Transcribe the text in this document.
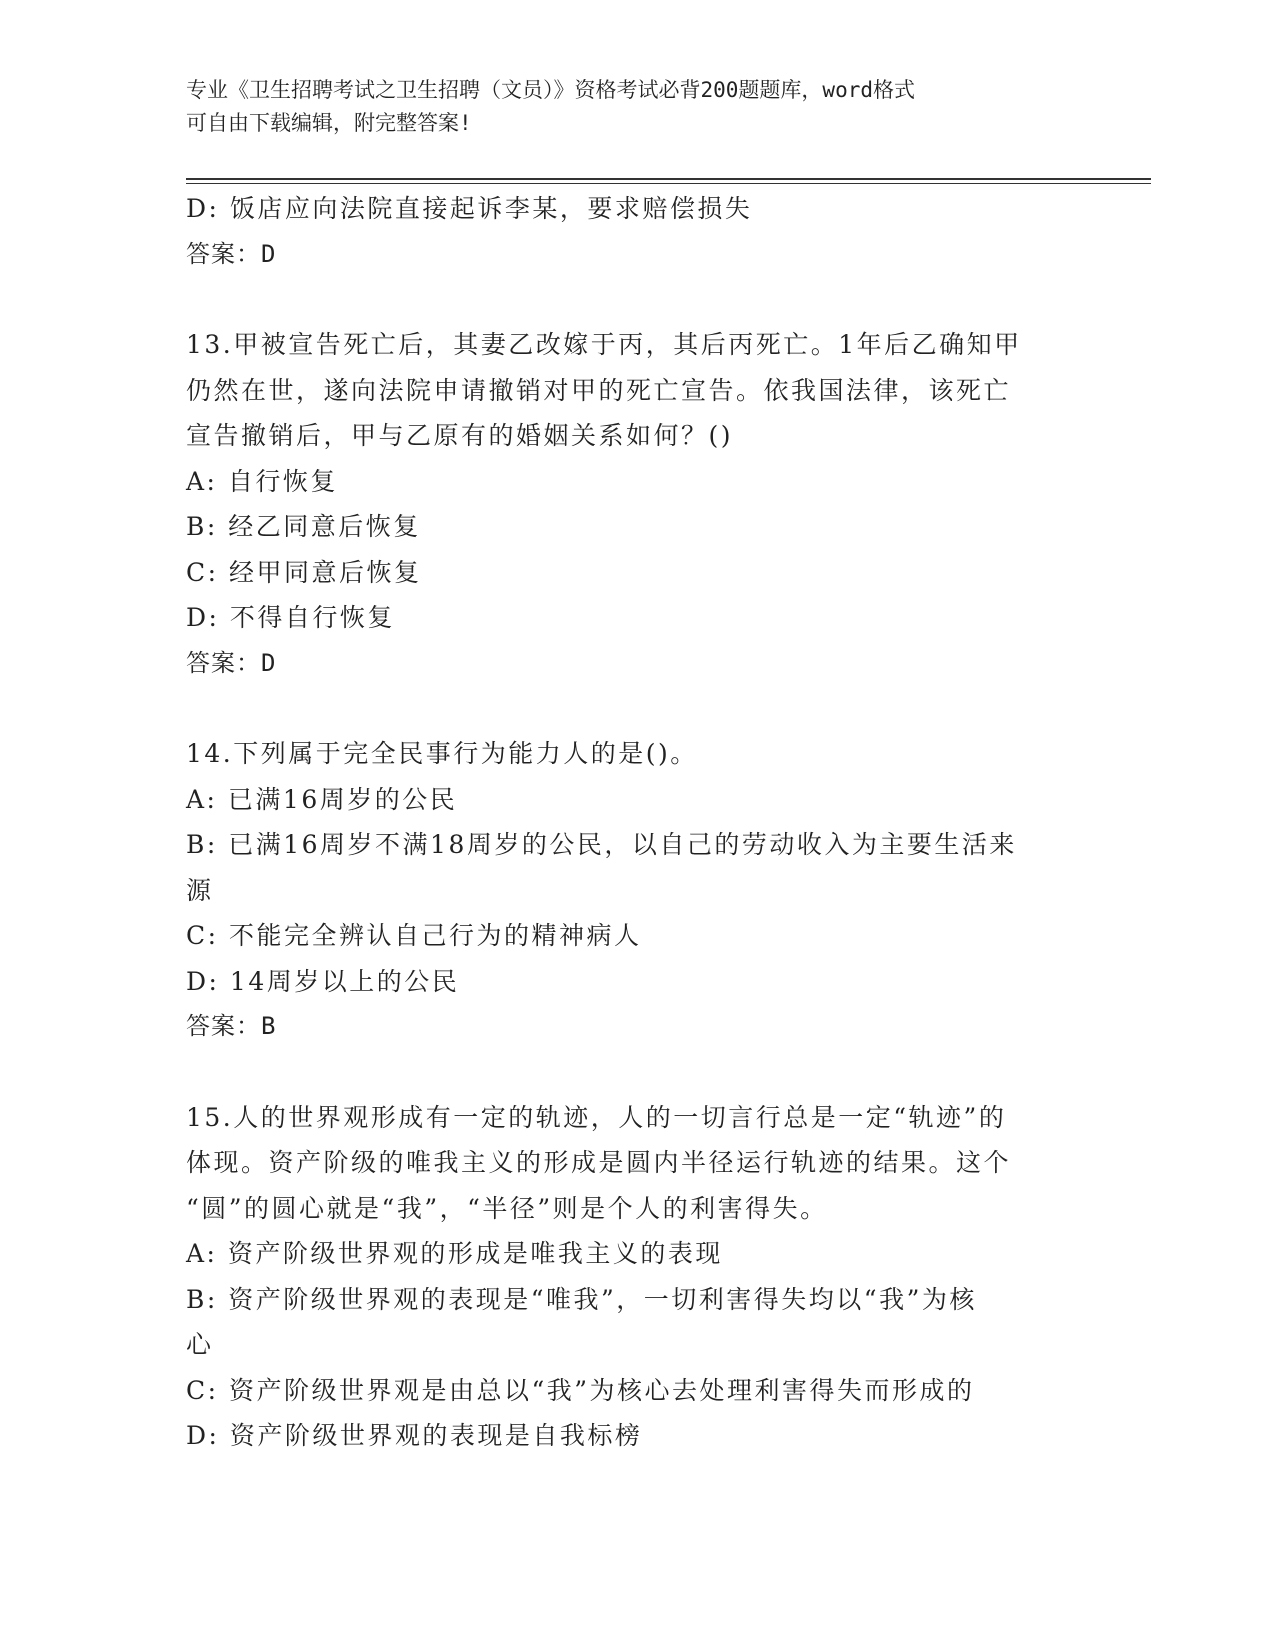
专业《卫生招聘考试之卫生招聘（文员）》资格考试必背200题题库，word格式
可自由下载编辑，附完整答案!
D: 饭店应向法院直接起诉李某，要求赔偿损失
答案：D
13.甲被宣告死亡后，其妻乙改嫁于丙，其后丙死亡。1年后乙确知甲
仍然在世，遂向法院申请撤销对甲的死亡宣告。依我国法律，该死亡
宣告撤销后，甲与乙原有的婚姻关系如何？()
A: 自行恢复
B: 经乙同意后恢复
C: 经甲同意后恢复
D: 不得自行恢复
答案：D
14.下列属于完全民事行为能力人的是()。
A: 已满16周岁的公民
B: 已满16周岁不满18周岁的公民，以自己的劳动收入为主要生活来
源
C: 不能完全辨认自己行为的精神病人
D: 14周岁以上的公民
答案：B
15.人的世界观形成有一定的轨迹，人的一切言行总是一定“轨迹”的
体现。资产阶级的唯我主义的形成是圆内半径运行轨迹的结果。这个
“圆”的圆心就是“我”，“半径”则是个人的利害得失。
A: 资产阶级世界观的形成是唯我主义的表现
B: 资产阶级世界观的表现是“唯我”，一切利害得失均以“我”为核
心
C: 资产阶级世界观是由总以“我”为核心去处理利害得失而形成的
D: 资产阶级世界观的表现是自我标榜
